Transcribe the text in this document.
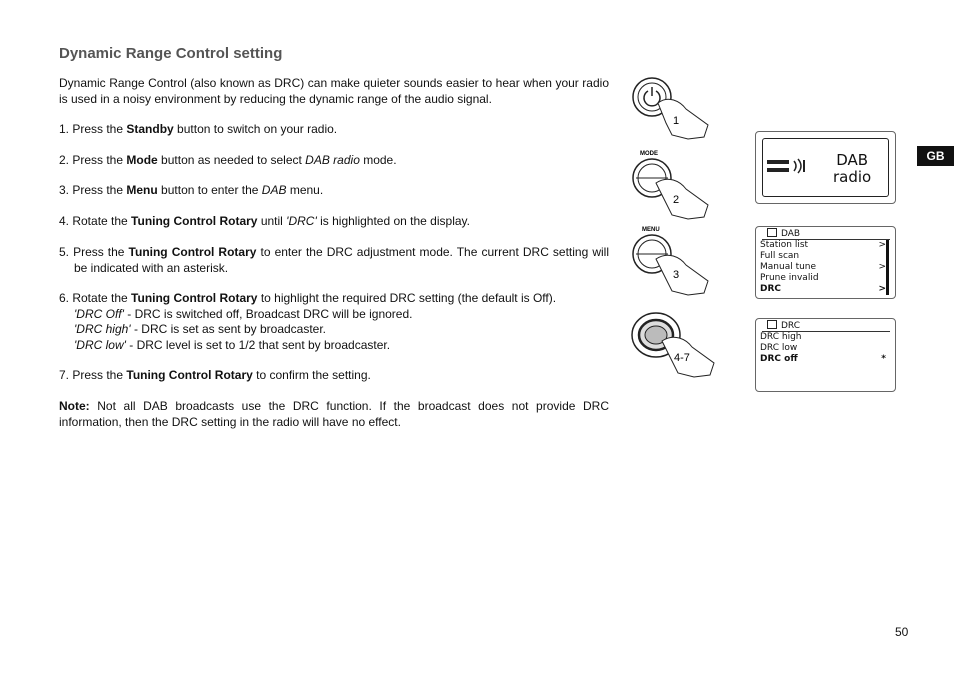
Dynamic Range Control setting
Dynamic Range Control (also known as DRC) can make quieter sounds easier to hear when your radio is used in a noisy environment by reducing the dynamic range of the audio signal.
1. Press the Standby button to switch on your radio.
2. Press the Mode button as needed to select DAB radio mode.
3. Press the Menu button to enter the DAB menu.
4. Rotate the Tuning Control Rotary until 'DRC' is highlighted on the display.
5. Press the Tuning Control Rotary to enter the DRC adjustment mode. The current DRC setting will be indicated with an asterisk.
6. Rotate the Tuning Control Rotary to highlight the required DRC setting (the default is Off).
'DRC Off' - DRC is switched off, Broadcast DRC will be ignored.
'DRC high' - DRC is set as sent by broadcaster.
'DRC low' - DRC level is set to 1/2 that sent by broadcaster.
7. Press the Tuning Control Rotary to confirm the setting.
Note: Not all DAB broadcasts use the DRC function. If the broadcast does not provide DRC information, then the DRC setting in the radio will have no effect.
1
MODE
2
MENU
3
4-7
DAB
radio
DAB
Station list	>
Full scan
Manual tune	>
Prune invalid
DRC	>
DRC
DRC high
DRC low
DRC off	*
GB
50
